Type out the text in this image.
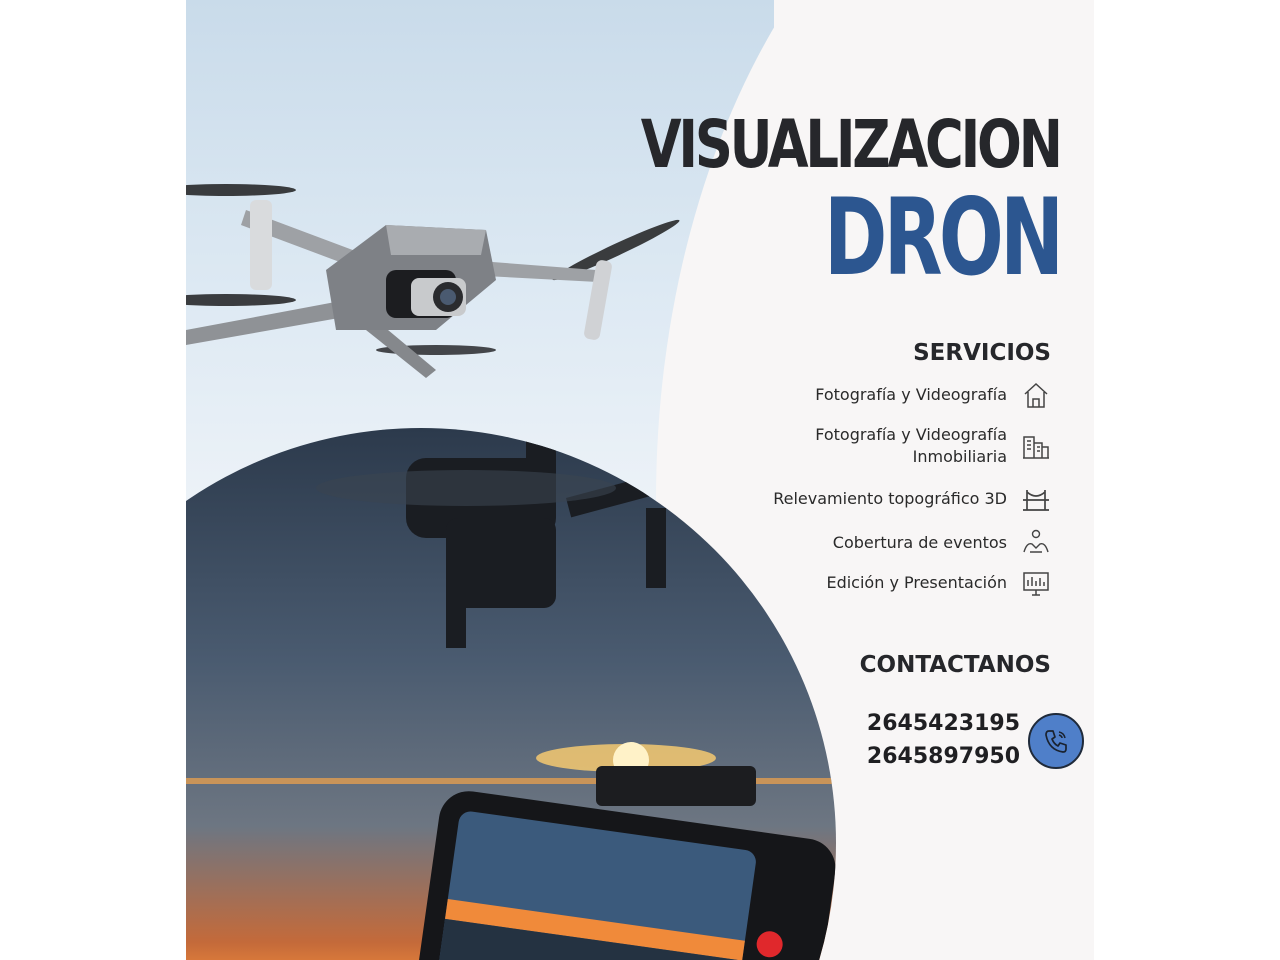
VISUALIZACION
DRON
SERVICIOS
Fotografía y Videografía
Fotografía y Videografía
Inmobiliaria
Relevamiento topográfico 3D
Cobertura de eventos
Edición y Presentación
CONTACTANOS
2645423195
2645897950
